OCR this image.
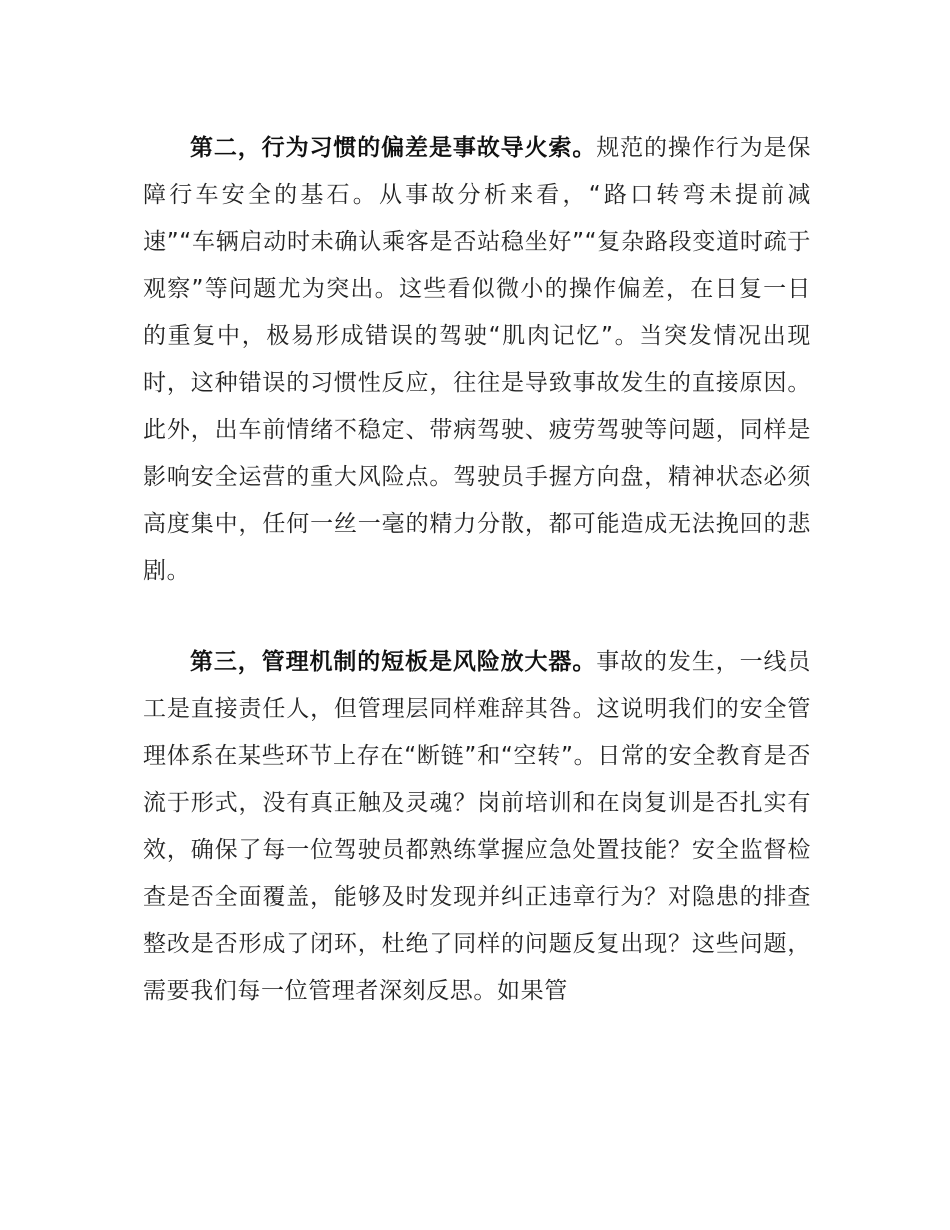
第二，行为习惯的偏差是事故导火索。规范的操作行为是保障行车安全的基石。从事故分析来看，“路口转弯未提前减速”“车辆启动时未确认乘客是否站稳坐好”“复杂路段变道时疏于观察”等问题尤为突出。这些看似微小的操作偏差，在日复一日的重复中，极易形成错误的驾驶“肌肉记忆”。当突发情况出现时，这种错误的习惯性反应，往往是导致事故发生的直接原因。此外，出车前情绪不稳定、带病驾驶、疲劳驾驶等问题，同样是影响安全运营的重大风险点。驾驶员手握方向盘，精神状态必须高度集中，任何一丝一毫的精力分散，都可能造成无法挽回的悲剧。

第三，管理机制的短板是风险放大器。事故的发生，一线员工是直接责任人，但管理层同样难辞其咎。这说明我们的安全管理体系在某些环节上存在“断链”和“空转”。日常的安全教育是否流于形式，没有真正触及灵魂？岗前培训和在岗复训是否扎实有效，确保了每一位驾驶员都熟练掌握应急处置技能？安全监督检查是否全面覆盖，能够及时发现并纠正违章行为？对隐患的排查整改是否形成了闭环，杜绝了同样的问题反复出现？这些问题，需要我们每一位管理者深刻反思。如果管
